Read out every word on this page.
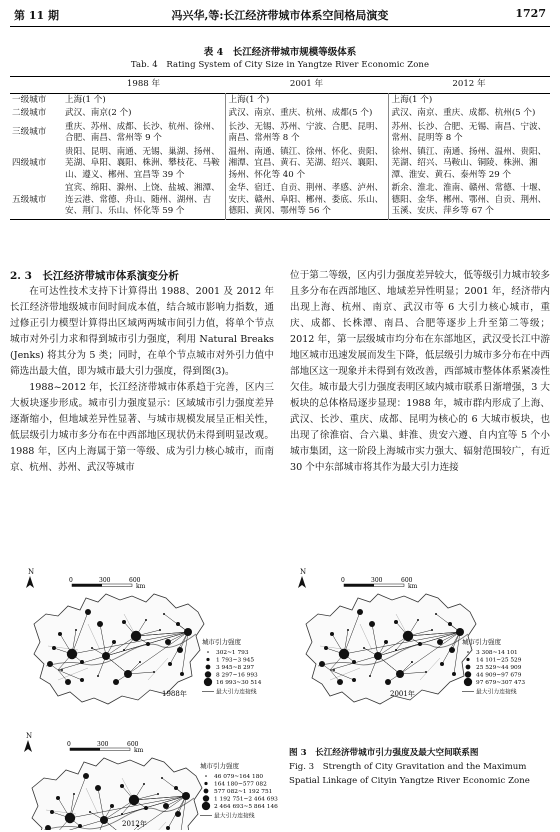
第 11 期	冯兴华,等:长江经济带城市体系空间格局演变	1727
表 4　长江经济带城市规模等级体系
Tab. 4　Rating System of City Size in Yangtze River Economic Zone
	1988 年	2001 年	2012 年
一级城市	上海(1 个)	上海(1 个)	上海(1 个)
二级城市	武汉、南京(2 个)	武汉、南京、重庆、杭州、成都(5 个)	武汉、南京、重庆、成都、杭州(5 个)
三级城市	重庆、苏州、成都、长沙、杭州、徐州、合肥、南昌、常州等 9 个	长沙、无锡、苏州、宁波、合肥、昆明、南昌、常州等 8 个	苏州、长沙、合肥、无锡、南昌、宁波、常州、昆明等 8 个
四级城市	贵阳、昆明、南通、无锡、巢湖、扬州、芜湖、阜阳、襄阳、株洲、攀枝花、马鞍山、遵义、郴州、宜昌等 39 个	温州、南通、镇江、徐州、怀化、贵阳、湘潭、宜昌、黄石、芜湖、绍兴、襄阳、扬州、怀化等 40 个	徐州、镇江、南通、扬州、温州、贵阳、芜湖、绍兴、马鞍山、铜陵、株洲、湘潭、淮安、黄石、泰州等 29 个
五级城市	宜宾、绵阳、滁州、上饶、盐城、湘潭、连云港、常德、舟山、随州、湖州、吉安、荆门、乐山、怀化等 59 个	金华、宿迁、自贡、荆州、孝感、泸州、安庆、赣州、阜阳、郴州、娄底、乐山、德阳、黄冈、鄂州等 56 个	新余、淮北、淮南、赣州、常德、十堰、德阳、金华、郴州、鄂州、自贡、荆州、玉溪、安庆、萍乡等 67 个
2. 3　长江经济带城市体系演变分析

在可达性技术支持下计算得出 1988、2001 及 2012 年长江经济带地级城市间时间成本值，结合城市影响力指数，通过修正引力模型计算得出区域两两城市间引力值，将单个节点城市对外引力求和得到城市引力强度，利用 Natural Breaks (Jenks) 将其分为 5 类；同时，在单个节点城市对外引力值中筛选出最大值，即为城市最大引力强度，得到图(3)。

1988~2012 年，长江经济带城市体系趋于完善，区内三大板块逐步形成。城市引力强度显示：区域城市引力强度差异逐渐缩小，但地域差异性显著、与城市规模发展呈正相关性，低层级引力城市多分布在中西部地区现状仍未得到明显改观。1988 年，区内上海属于第一等级、成为引力核心城市，而南京、杭州、苏州、武汉等城市

位于第二等级，区内引力强度差异较大，低等级引力城市较多且多分布在西部地区、地域差异性明显；2001 年，经济带内出现上海、杭州、南京、武汉市等 6 大引力核心城市，重庆、成都、长株潭、南昌、合肥等逐步上升至第二等级；2012 年，第一层级城市均分布在东部地区，武汉受长江中游地区城市迅速发展而发生下降，低层级引力城市多分布在中西部地区这一现象并未得到有效改善，西部城市整体体系紧凑性欠佳。城市最大引力强度表明区域内城市联系日渐增强，3 大板块的总体格局逐步显现：1988 年，城市群内形成了上海、武汉、长沙、重庆、成都、昆明为核心的 6 大城市板块，也出现了徐淮宿、合六巢、蚌淮、贵安六遵、自内宜等 5 个小城市集团，这一阶段上海城市实力强大、辐射范围较广，有近 30 个中东部城市将其作为最大引力连接

N
0	300	600
km
城市引力强度
302~1 793
1 793~3 945
3 945~8 297
8 297~16 993
16 993~30 514
最大引力连接线
1988年
N
0	300	600
km
城市引力强度
3 308~14 101
14 101~25 529
25 529~44 909
44 909~97 679
97 679~307 473
最大引力连接线
2001年
N
0	300	600
km
城市引力强度
46 079~164 180
164 180~577 082
577 082~1 192 751
1 192 751~2 464 693
2 464 693~5 864 146
最大引力连接线
2012年
图 3　长江经济带城市引力强度及最大空间联系图
Fig. 3　Strength of City Gravitation and the Maximum
Spatial Linkage of Cityin Yangtze River Economic Zone
